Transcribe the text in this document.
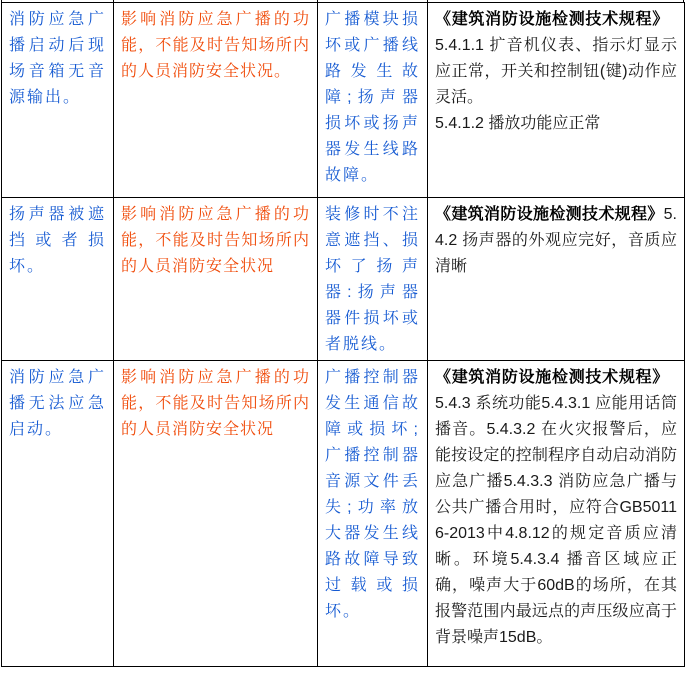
消防应急广播启动后现场音箱无音源输出。	影响消防应急广播的功能，不能及时告知场所内的人员消防安全状况。	广播模块损坏或广播线路发生故障;扬声器损坏或扬声器发生线路故障。	《建筑消防设施检测技术规程》　5.4.1.1 扩音机仪表、指示灯显示应正常，开关和控制钮(键)动作应灵活。

5.4.1.2 播放功能应正常

扬声器被遮挡或者损坏。	影响消防应急广播的功能，不能及时告知场所内的人员消防安全状况	装修时不注意遮挡、损坏了扬声器:扬声器器件损坏或者脱线。	《建筑消防设施检测技术规程》5.4.2 扬声器的外观应完好，音质应清晰

消防应急广播无法应急启动。	影响消防应急广播的功能，不能及时告知场所内的人员消防安全状况	广播控制器发生通信故障或损坏;广播控制器音源文件丢失;功率放大器发生线路故障导致过载或损坏。	《建筑消防设施检测技术规程》　5.4.3 系统功能5.4.3.1 应能用话筒播音。5.4.3.2 在火灾报警后，应能按设定的控制程序自动启动消防应急广播5.4.3.3 消防应急广播与公共广播合用时，应符合GB50116-2013中4.8.12的规定音质应清晰。环境5.4.3.4 播音区域应正确，噪声大于60dB的场所，在其报警范围内最远点的声压级应高于背景噪声15dB。
